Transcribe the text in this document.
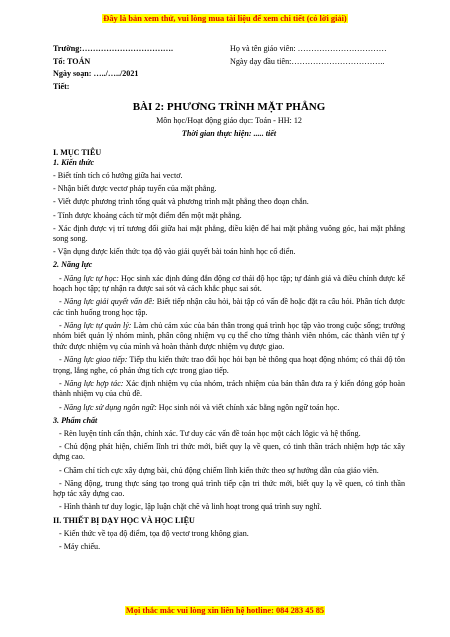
Đây là bản xem thử, vui lòng mua tài liệu để xem chi tiết (có lời giải)
Trường:…………………………….	Họ và tên giáo viên: ……………………………
Tổ: TOÁN	Ngày dạy đầu tiên:……………………………..
Ngày soạn: …../…../2021
Tiết:
BÀI 2: PHƯƠNG TRÌNH MẶT PHẲNG
Môn học/Hoạt động giáo dục: Toán - HH: 12
Thời gian thực hiện: ..... tiết
I. MỤC TIÊU
1. Kiến thức

- Biết tính tích có hướng giữa hai vectơ.

- Nhận biết được vectơ pháp tuyến của mặt phẳng.

- Viết được phương trình tổng quát và phương trình mặt phẳng theo đoạn chắn.

- Tính được khoảng cách từ một điểm đến một mặt phẳng.

- Xác định được vị trí tương đối giữa hai mặt phẳng, điều kiện để hai mặt phẳng vuông góc, hai mặt phẳng song song.

- Vận dụng được kiến thức tọa độ vào giải quyết bài toán hình học cổ điển.

2. Năng lực

- Năng lực tự học: Học sinh xác định đúng đắn động cơ thái độ học tập; tự đánh giá và điều chỉnh được kế hoạch học tập; tự nhận ra được sai sót và cách khắc phục sai sót.

- Năng lực giải quyết vấn đề: Biết tiếp nhận câu hỏi, bài tập có vấn đề hoặc đặt ra câu hỏi. Phân tích được các tình huống trong học tập.

- Năng lực tự quản lý: Làm chủ cảm xúc của bản thân trong quá trình học tập vào trong cuộc sống; trưởng nhóm biết quản lý nhóm mình, phân công nhiệm vụ cụ thể cho từng thành viên nhóm, các thành viên tự ý thức được nhiệm vụ của mình và hoàn thành được nhiệm vụ được giao.

- Năng lực giao tiếp: Tiếp thu kiến thức trao đổi học hỏi bạn bè thông qua hoạt động nhóm; có thái độ tôn trọng, lắng nghe, có phản ứng tích cực trong giao tiếp.

- Năng lực hợp tác: Xác định nhiệm vụ của nhóm, trách nhiệm của bản thân đưa ra ý kiến đóng góp hoàn thành nhiệm vụ của chủ đề.

- Năng lực sử dụng ngôn ngữ: Học sinh nói và viết chính xác bằng ngôn ngữ toán học.

3. Phẩm chất

- Rèn luyện tính cẩn thận, chính xác. Tư duy các vấn đề toán học một cách lôgic và hệ thống.

- Chủ động phát hiện, chiếm lĩnh tri thức mới, biết quy lạ về quen, có tinh thần trách nhiệm hợp tác xây dựng cao.

- Chăm chỉ tích cực xây dựng bài, chủ động chiếm lĩnh kiến thức theo sự hướng dẫn của giáo viên.

- Năng động, trung thực sáng tạo trong quá trình tiếp cận tri thức mới, biết quy lạ về quen, có tinh thần hợp tác xây dựng cao.

- Hình thành tư duy logic, lập luận chặt chẽ và linh hoạt trong quá trình suy nghĩ.

II. THIẾT BỊ DẠY HỌC VÀ HỌC LIỆU

- Kiến thức về tọa độ điểm, tọa độ vectơ trong không gian.

- Máy chiếu.

Mọi thắc mắc vui lòng xin liên hệ hotline: 084 283 45 85
